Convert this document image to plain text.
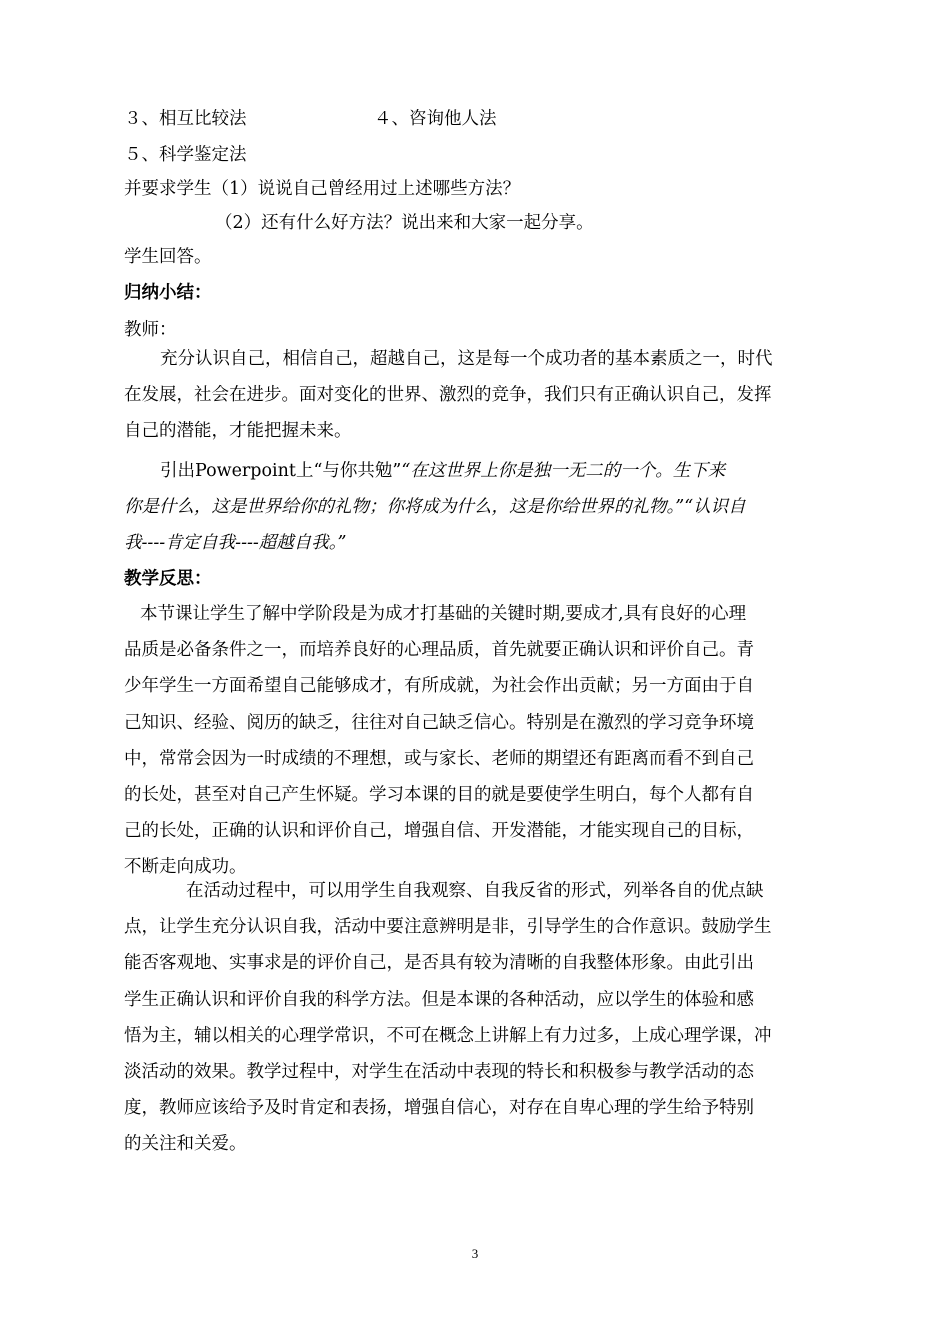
３、相互比较法	４、咨询他人法
５、科学鉴定法
并要求学生（1）说说自己曾经用过上述哪些方法？
（2）还有什么好方法？说出来和大家一起分享。
学生回答。
归纳小结：
教师：
充分认识自己，相信自己，超越自己，这是每一个成功者的基本素质之一，时代
在发展，社会在进步。面对变化的世界、激烈的竞争，我们只有正确认识自己，发挥
自己的潜能，才能把握未来。
引出Powerpoint上“与你共勉”“在这世界上你是独一无二的一个。生下来
你是什么，这是世界给你的礼物；你将成为什么，这是你给世界的礼物。”“认识自
我----肯定自我----超越自我。”
教学反思：
本节课让学生了解中学阶段是为成才打基础的关键时期,要成才,具有良好的心理
品质是必备条件之一，而培养良好的心理品质，首先就要正确认识和评价自己。青
少年学生一方面希望自己能够成才，有所成就，为社会作出贡献；另一方面由于自
己知识、经验、阅历的缺乏，往往对自己缺乏信心。特别是在激烈的学习竞争环境
中，常常会因为一时成绩的不理想，或与家长、老师的期望还有距离而看不到自己
的长处，甚至对自己产生怀疑。学习本课的目的就是要使学生明白，每个人都有自
己的长处，正确的认识和评价自己，增强自信、开发潜能，才能实现自己的目标，
不断走向成功。
在活动过程中，可以用学生自我观察、自我反省的形式，列举各自的优点缺
点，让学生充分认识自我，活动中要注意辨明是非，引导学生的合作意识。鼓励学生
能否客观地、实事求是的评价自己，是否具有较为清晰的自我整体形象。由此引出
学生正确认识和评价自我的科学方法。但是本课的各种活动，应以学生的体验和感
悟为主，辅以相关的心理学常识，不可在概念上讲解上有力过多，上成心理学课，冲
淡活动的效果。教学过程中，对学生在活动中表现的特长和积极参与教学活动的态
度，教师应该给予及时肯定和表扬，增强自信心，对存在自卑心理的学生给予特别
的关注和关爱。
3
